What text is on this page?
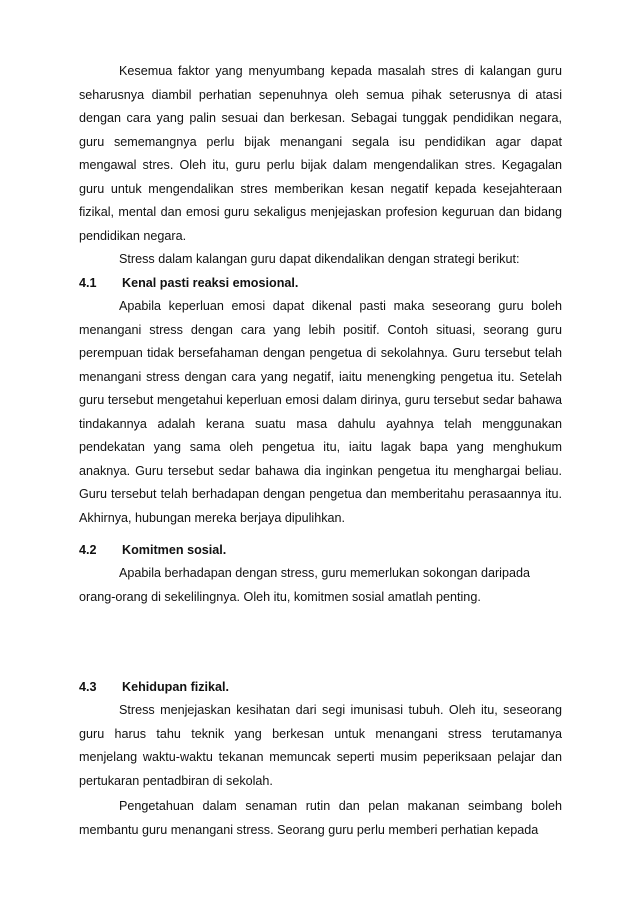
Kesemua faktor yang menyumbang kepada masalah stres di kalangan guru seharusnya diambil perhatian sepenuhnya oleh semua pihak seterusnya di atasi dengan cara yang palin sesuai dan berkesan. Sebagai tunggak pendidikan negara, guru sememangnya perlu bijak menangani segala isu pendidikan agar dapat mengawal stres. Oleh itu, guru perlu bijak dalam mengendalikan stres. Kegagalan guru untuk mengendalikan stres memberikan kesan negatif kepada kesejahteraan fizikal, mental dan emosi guru sekaligus menjejaskan profesion keguruan dan bidang pendidikan negara.

Stress dalam kalangan guru dapat dikendalikan dengan strategi berikut:

4.1 Kenal pasti reaksi emosional.

Apabila keperluan emosi dapat dikenal pasti maka seseorang guru boleh menangani stress dengan cara yang lebih positif. Contoh situasi, seorang guru perempuan tidak bersefahaman dengan pengetua di sekolahnya. Guru tersebut telah menangani stress dengan cara yang negatif, iaitu menengking pengetua itu. Setelah guru tersebut mengetahui keperluan emosi dalam dirinya, guru tersebut sedar bahawa tindakannya adalah kerana suatu masa dahulu ayahnya telah menggunakan pendekatan yang sama oleh pengetua itu, iaitu lagak bapa yang menghukum anaknya. Guru tersebut sedar bahawa dia inginkan pengetua itu menghargai beliau. Guru tersebut telah berhadapan dengan pengetua dan memberitahu perasaannya itu. Akhirnya, hubungan mereka berjaya dipulihkan.

4.2 Komitmen sosial.

Apabila berhadapan dengan stress, guru memerlukan sokongan daripada orang-orang di sekelilingnya. Oleh itu, komitmen sosial amatlah penting.

4.3 Kehidupan fizikal.

Stress menjejaskan kesihatan dari segi imunisasi tubuh. Oleh itu, seseorang guru harus tahu teknik yang berkesan untuk menangani stress terutamanya menjelang waktu-waktu tekanan memuncak seperti musim peperiksaan pelajar dan pertukaran pentadbiran di sekolah.

Pengetahuan dalam senaman rutin dan pelan makanan seimbang boleh membantu guru menangani stress. Seorang guru perlu memberi perhatian kepada
